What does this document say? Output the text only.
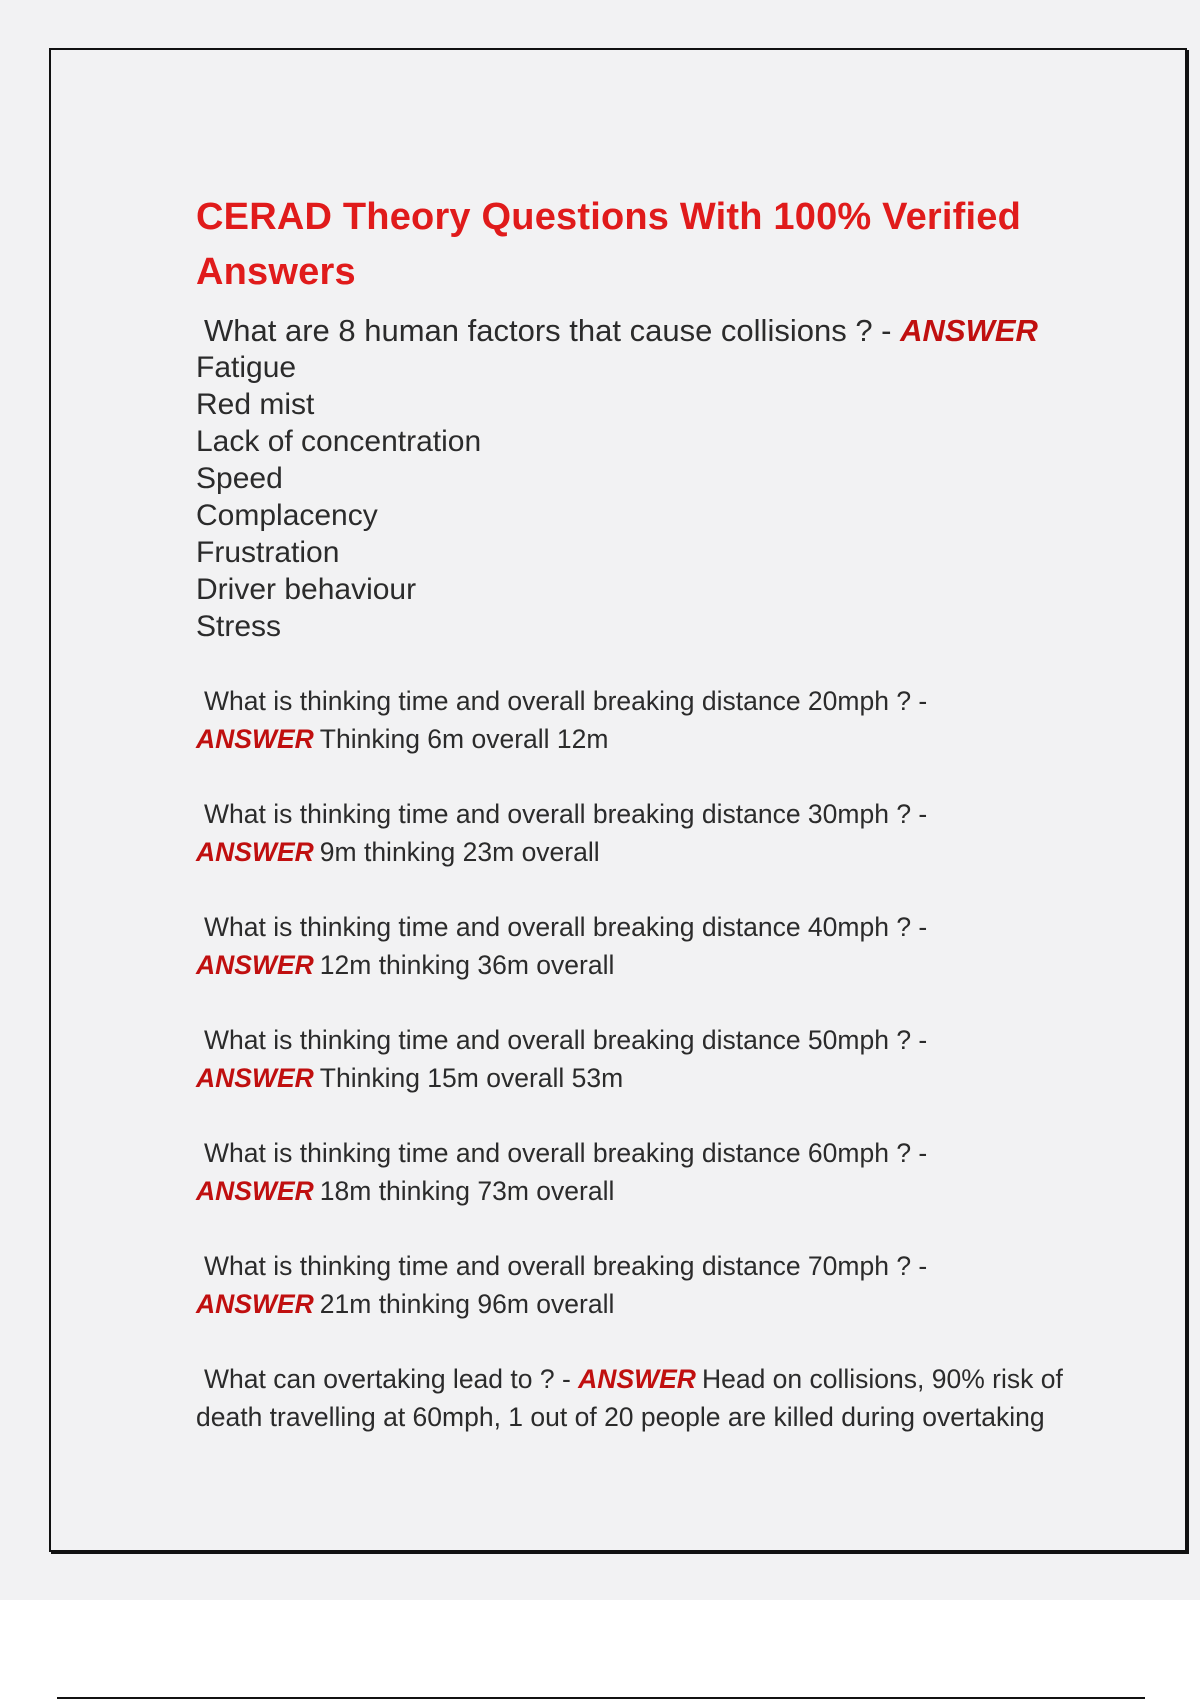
CERAD Theory Questions With 100% Verified Answers
What are 8 human factors that cause collisions ? - ANSWER
Fatigue
Red mist
Lack of concentration
Speed
Complacency
Frustration
Driver behaviour
Stress
What is thinking time and overall breaking distance 20mph ? -
ANSWER Thinking 6m overall 12m
What is thinking time and overall breaking distance 30mph ? -
ANSWER 9m thinking 23m overall
What is thinking time and overall breaking distance 40mph ? -
ANSWER 12m thinking 36m overall
What is thinking time and overall breaking distance 50mph ? -
ANSWER Thinking 15m overall 53m
What is thinking time and overall breaking distance 60mph ? -
ANSWER 18m thinking 73m overall
What is thinking time and overall breaking distance 70mph ? -
ANSWER 21m thinking 96m overall
What can overtaking lead to ? - ANSWER Head on collisions, 90% risk of death travelling at 60mph, 1 out of 20 people are killed during overtaking
